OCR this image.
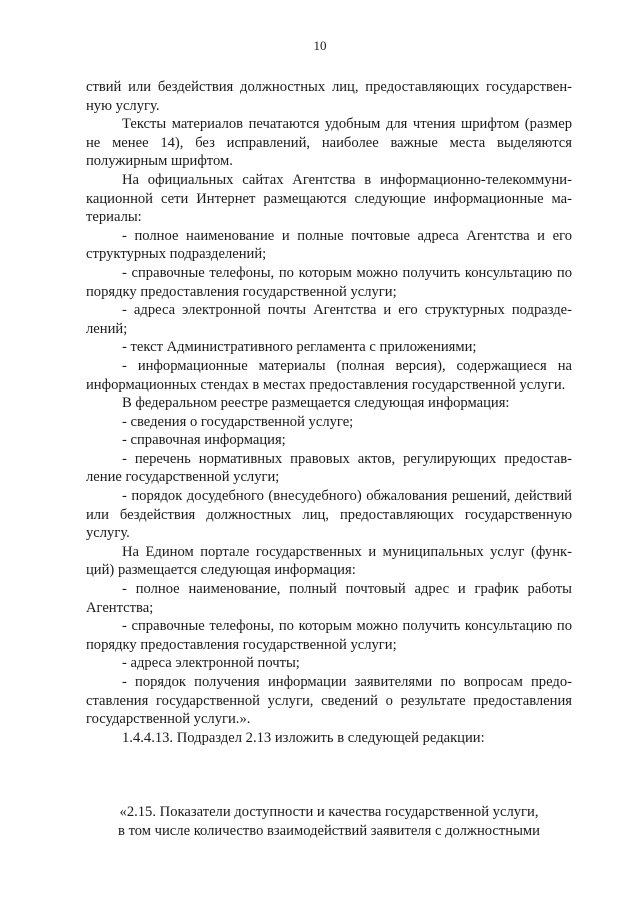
10

ствий или бездействия должностных лиц, предоставляющих государственную услугу.

Тексты материалов печатаются удобным для чтения шрифтом (размер не менее 14), без исправлений, наиболее важные места выделяются полужирным шрифтом.

На официальных сайтах Агентства в информационно-телекоммуникационной сети Интернет размещаются следующие информационные материалы:

- полное наименование и полные почтовые адреса Агентства и его структурных подразделений;

- справочные телефоны, по которым можно получить консультацию по порядку предоставления государственной услуги;

- адреса электронной почты Агентства и его структурных подразделений;

- текст Административного регламента с приложениями;

- информационные материалы (полная версия), содержащиеся на информационных стендах в местах предоставления государственной услуги.

В федеральном реестре размещается следующая информация:

- сведения о государственной услуге;

- справочная информация;

- перечень нормативных правовых актов, регулирующих предоставление государственной услуги;

- порядок досудебного (внесудебного) обжалования решений, действий или бездействия должностных лиц, предоставляющих государственную услугу.

На Едином портале государственных и муниципальных услуг (функций) размещается следующая информация:

- полное наименование, полный почтовый адрес и график работы Агентства;

- справочные телефоны, по которым можно получить консультацию по порядку предоставления государственной услуги;

- адреса электронной почты;

- порядок получения информации заявителями по вопросам предоставления государственной услуги, сведений о результате предоставления государственной услуги.».

1.4.4.13. Подраздел 2.13 изложить в следующей редакции:

«2.15. Показатели доступности и качества государственной услуги,
в том числе количество взаимодействий заявителя с должностными
